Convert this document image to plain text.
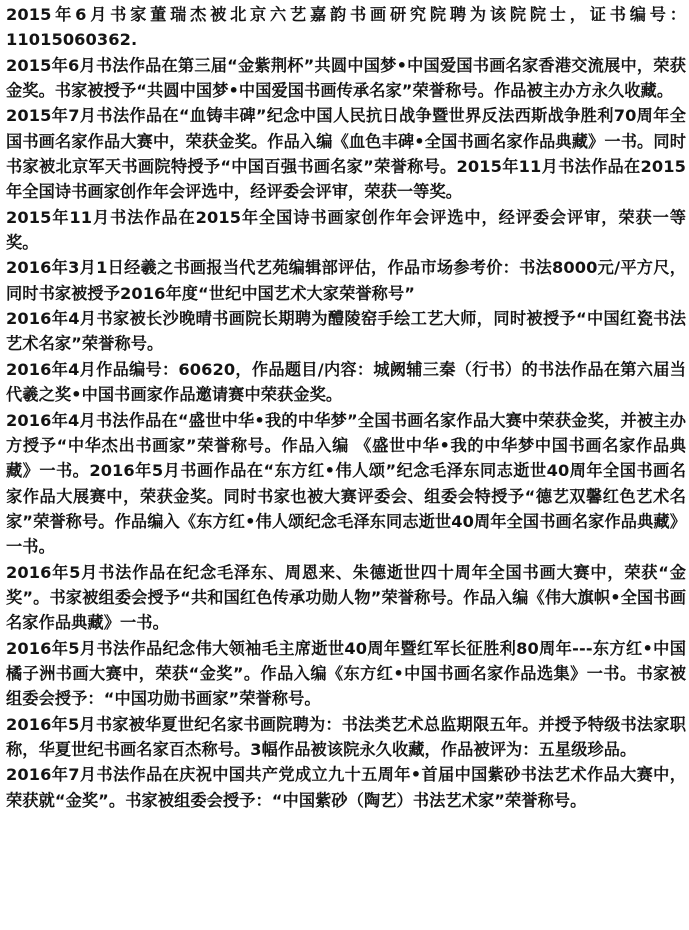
2015年6月书家董瑞杰被北京六艺嘉韵书画研究院聘为该院院士，证书编号：11015060362.

2015年6月书法作品在第三届“金紫荆杯”共圆中国梦•中国爱国书画名家香港交流展中，荣获金奖。书家被授予“共圆中国梦•中国爱国书画传承名家”荣誉称号。作品被主办方永久收藏。

2015年7月书法作品在“血铸丰碑”纪念中国人民抗日战争暨世界反法西斯战争胜利70周年全国书画名家作品大赛中，荣获金奖。作品入编《血色丰碑•全国书画名家作品典藏》一书。同时书家被北京军天书画院特授予“中国百强书画名家”荣誉称号。2015年11月书法作品在2015年全国诗书画家创作年会评选中，经评委会评审，荣获一等奖。

2015年11月书法作品在2015年全国诗书画家创作年会评选中，经评委会评审，荣获一等奖。

2016年3月1日经羲之书画报当代艺苑编辑部评估，作品市场参考价：书法8000元/平方尺，同时书家被授予2016年度“世纪中国艺术大家荣誉称号”

2016年4月书家被长沙晚晴书画院长期聘为醴陵窑手绘工艺大师，同时被授予“中国红瓷书法艺术名家”荣誉称号。

2016年4月作品编号：60620，作品题目/内容：城阙辅三秦（行书）的书法作品在第六届当代羲之奖•中国书画家作品邀请赛中荣获金奖。

2016年4月书法作品在“盛世中华•我的中华梦”全国书画名家作品大赛中荣获金奖，并被主办方授予“中华杰出书画家”荣誉称号。作品入编 《盛世中华•我的中华梦中国书画名家作品典藏》一书。2016年5月书画作品在“东方红•伟人颂”纪念毛泽东同志逝世40周年全国书画名家作品大展赛中，荣获金奖。同时书家也被大赛评委会、组委会特授予“德艺双馨红色艺术名家”荣誉称号。作品编入《东方红•伟人颂纪念毛泽东同志逝世40周年全国书画名家作品典藏》一书。

2016年5月书法作品在纪念毛泽东、周恩来、朱德逝世四十周年全国书画大赛中，荣获“金奖”。书家被组委会授予“共和国红色传承功勋人物”荣誉称号。作品入编《伟大旗帜•全国书画名家作品典藏》一书。

2016年5月书法作品纪念伟大领袖毛主席逝世40周年暨红军长征胜利80周年---东方红•中国橘子洲书画大赛中，荣获“金奖”。作品入编《东方红•中国书画名家作品选集》一书。书家被组委会授予：“中国功勋书画家”荣誉称号。

2016年5月书家被华夏世纪名家书画院聘为：书法类艺术总监期限五年。并授予特级书法家职称，华夏世纪书画名家百杰称号。3幅作品被该院永久收藏，作品被评为：五星级珍品。

2016年7月书法作品在庆祝中国共产党成立九十五周年•首届中国紫砂书法艺术作品大赛中，荣获就“金奖”。书家被组委会授予：“中国紫砂（陶艺）书法艺术家”荣誉称号。
